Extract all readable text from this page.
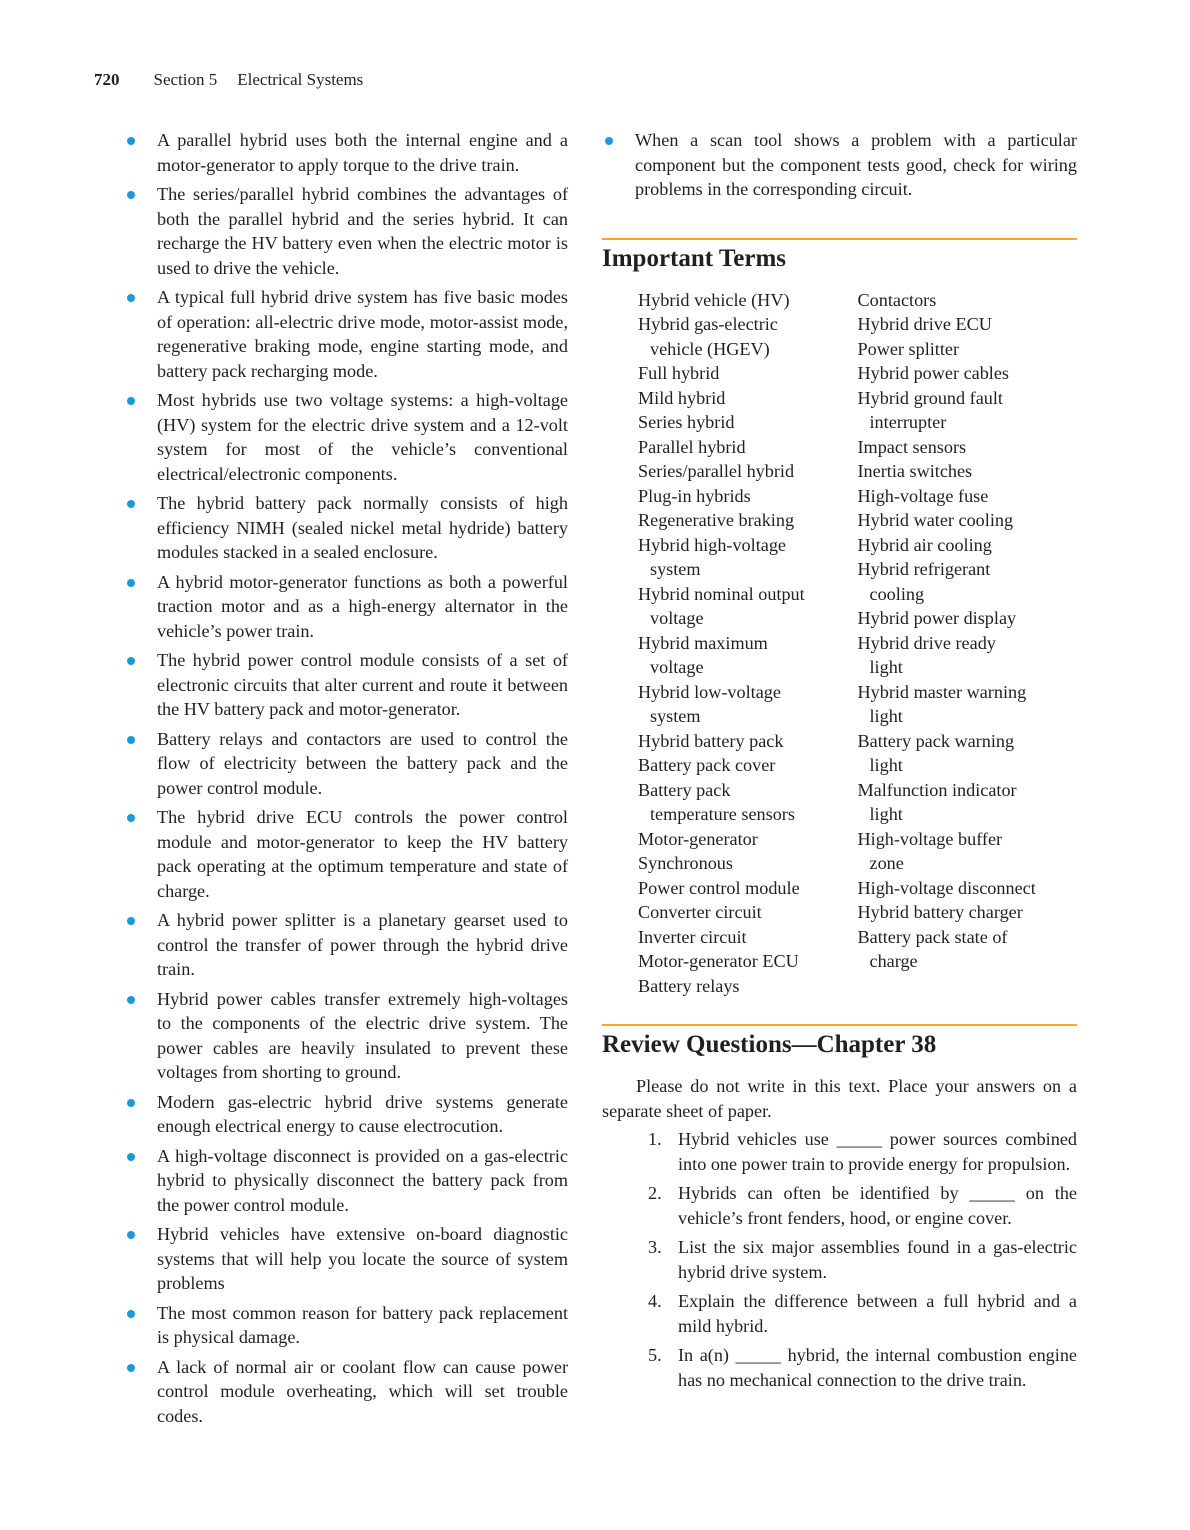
720 Section 5 Electrical Systems
A parallel hybrid uses both the internal engine and a motor-generator to apply torque to the drive train.
The series/parallel hybrid combines the advantages of both the parallel hybrid and the series hybrid. It can recharge the HV battery even when the electric motor is used to drive the vehicle.
A typical full hybrid drive system has five basic modes of operation: all-electric drive mode, motor-assist mode, regenerative braking mode, engine starting mode, and battery pack recharging mode.
Most hybrids use two voltage systems: a high-voltage (HV) system for the electric drive system and a 12-volt system for most of the vehicle’s conventional electrical/electronic components.
The hybrid battery pack normally consists of high efficiency NIMH (sealed nickel metal hydride) battery modules stacked in a sealed enclosure.
A hybrid motor-generator functions as both a powerful traction motor and as a high-energy alternator in the vehicle’s power train.
The hybrid power control module consists of a set of electronic circuits that alter current and route it between the HV battery pack and motor-generator.
Battery relays and contactors are used to control the flow of electricity between the battery pack and the power control module.
The hybrid drive ECU controls the power control module and motor-generator to keep the HV battery pack operating at the optimum temperature and state of charge.
A hybrid power splitter is a planetary gearset used to control the transfer of power through the hybrid drive train.
Hybrid power cables transfer extremely high-voltages to the components of the electric drive system. The power cables are heavily insulated to prevent these voltages from shorting to ground.
Modern gas-electric hybrid drive systems generate enough electrical energy to cause electrocution.
A high-voltage disconnect is provided on a gas-electric hybrid to physically disconnect the battery pack from the power control module.
Hybrid vehicles have extensive on-board diagnostic systems that will help you locate the source of system problems
The most common reason for battery pack replacement is physical damage.
A lack of normal air or coolant flow can cause power control module overheating, which will set trouble codes.
When a scan tool shows a problem with a particular component but the component tests good, check for wiring problems in the corresponding circuit.
Important Terms
Hybrid vehicle (HV)
Hybrid gas-electric
vehicle (HGEV)
Full hybrid
Mild hybrid
Series hybrid
Parallel hybrid
Series/parallel hybrid
Plug-in hybrids
Regenerative braking
Hybrid high-voltage
system
Hybrid nominal output
voltage
Hybrid maximum
voltage
Hybrid low-voltage
system
Hybrid battery pack
Battery pack cover
Battery pack
temperature sensors
Motor-generator
Synchronous
Power control module
Converter circuit
Inverter circuit
Motor-generator ECU
Battery relays
Contactors
Hybrid drive ECU
Power splitter
Hybrid power cables
Hybrid ground fault
interrupter
Impact sensors
Inertia switches
High-voltage fuse
Hybrid water cooling
Hybrid air cooling
Hybrid refrigerant
cooling
Hybrid power display
Hybrid drive ready
light
Hybrid master warning
light
Battery pack warning
light
Malfunction indicator
light
High-voltage buffer
zone
High-voltage disconnect
Hybrid battery charger
Battery pack state of
charge
Review Questions—Chapter 38

Please do not write in this text. Place your answers on a separate sheet of paper.

1. Hybrid vehicles use _____ power sources combined into one power train to provide energy for propulsion.
2. Hybrids can often be identified by _____ on the vehicle’s front fenders, hood, or engine cover.
3. List the six major assemblies found in a gas-electric hybrid drive system.
4. Explain the difference between a full hybrid and a mild hybrid.
5. In a(n) _____ hybrid, the internal combustion engine has no mechanical connection to the drive train.
